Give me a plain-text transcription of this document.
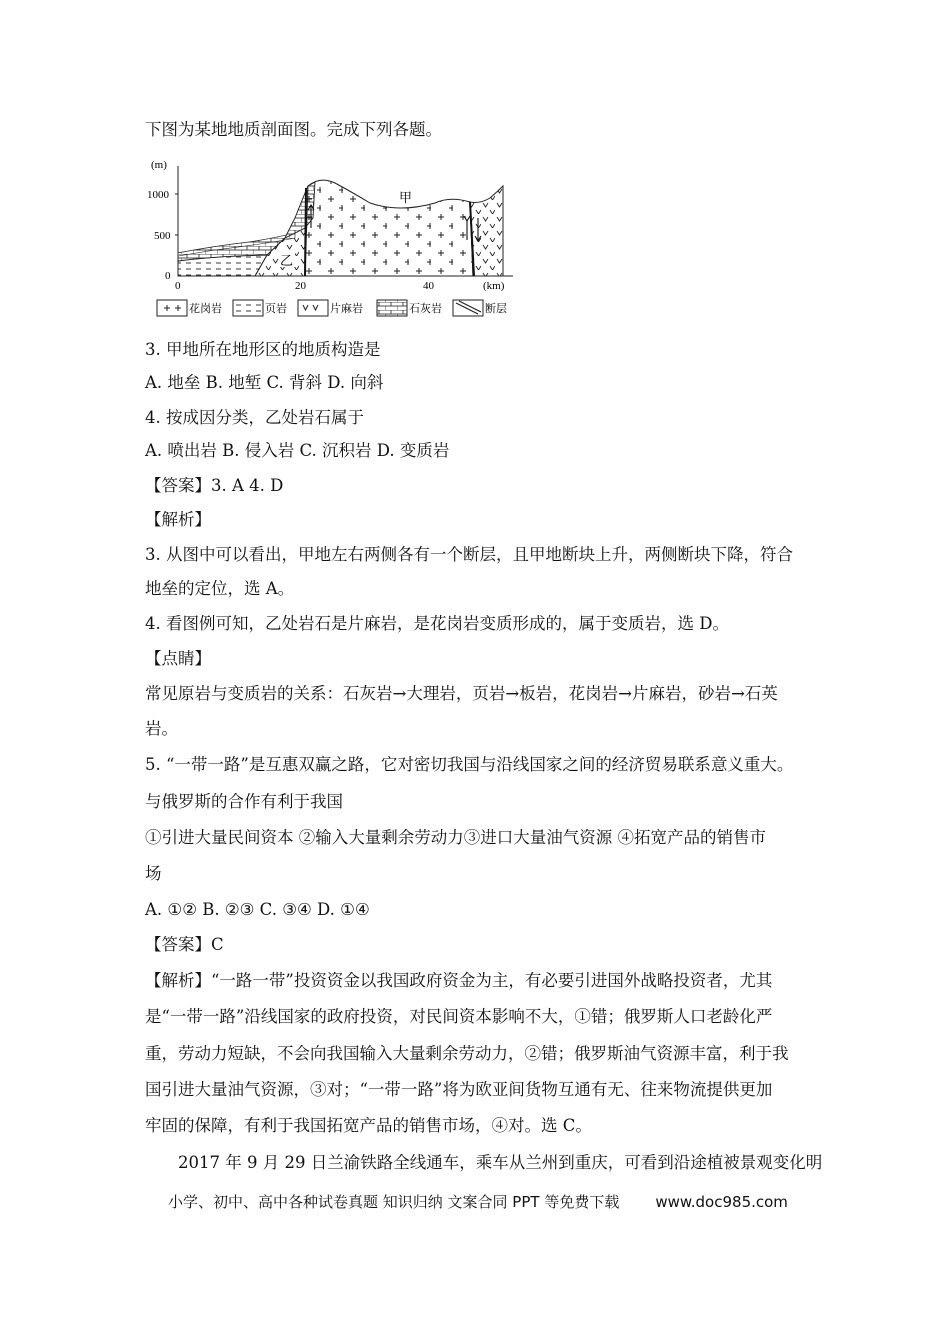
下图为某地地质剖面图。完成下列各题。
(m)
1000
500
0
0	20	40	(km)
甲
乙
花岗岩	页岩	片麻岩	石灰岩	断层
3. 甲地所在地形区的地质构造是
A. 地垒 B. 地堑 C. 背斜 D. 向斜
4. 按成因分类，乙处岩石属于
A. 喷出岩 B. 侵入岩 C. 沉积岩 D. 变质岩
【答案】3. A 4. D
【解析】
3. 从图中可以看出，甲地左右两侧各有一个断层，且甲地断块上升，两侧断块下降，符合
地垒的定位，选 A。
4. 看图例可知，乙处岩石是片麻岩，是花岗岩变质形成的，属于变质岩，选 D。
【点睛】
常见原岩与变质岩的关系：石灰岩→大理岩，页岩→板岩，花岗岩→片麻岩，砂岩→石英
岩。
5. “一带一路”是互惠双赢之路，它对密切我国与沿线国家之间的经济贸易联系意义重大。
与俄罗斯的合作有利于我国
①引进大量民间资本 ②输入大量剩余劳动力③进口大量油气资源 ④拓宽产品的销售市
场
A. ①② B. ②③ C. ③④ D. ①④
【答案】C
【解析】“一路一带”投资资金以我国政府资金为主，有必要引进国外战略投资者，尤其
是“一带一路”沿线国家的政府投资，对民间资本影响不大，①错；俄罗斯人口老龄化严
重，劳动力短缺，不会向我国输入大量剩余劳动力，②错；俄罗斯油气资源丰富，利于我
国引进大量油气资源，③对；“一带一路”将为欧亚间货物互通有无、往来物流提供更加
牢固的保障，有利于我国拓宽产品的销售市场，④对。选 C。
2017 年 9 月 29 日兰渝铁路全线通车，乘车从兰州到重庆，可看到沿途植被景观变化明
小学、初中、高中各种试卷真题 知识归纳 文案合同 PPT 等免费下载 www.doc985.com
